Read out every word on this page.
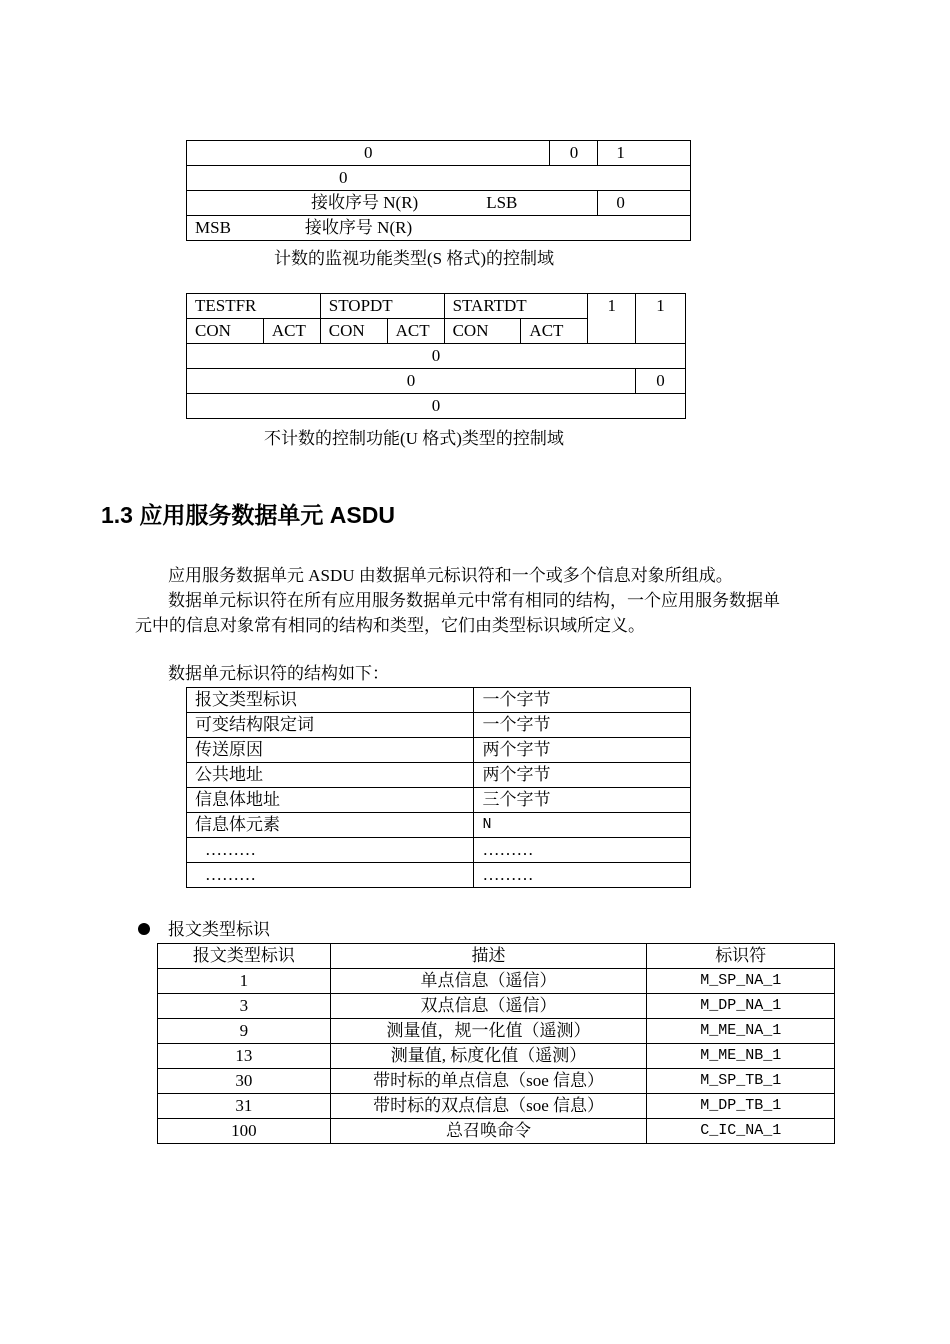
0	0	1
0		
接收序号 N(R) LSB		0
MSB 接收序号 N(R)		
计数的监视功能类型(S 格式)的控制域
TESTFR		STOPDT		STARTDT		1	1
CON	ACT	CON	ACT	CON	ACT		
0							
0							0
0							
不计数的控制功能(U 格式)类型的控制域
1.3 应用服务数据单元 ASDU
应用服务数据单元 ASDU 由数据单元标识符和一个或多个信息对象所组成。
数据单元标识符在所有应用服务数据单元中常有相同的结构，一个应用服务数据单
元中的信息对象常有相同的结构和类型，它们由类型标识域所定义。
数据单元标识符的结构如下：
报文类型标识	一个字节
可变结构限定词	一个字节
传送原因	两个字节
公共地址	两个字节
信息体地址	三个字节
信息体元素	N
………	………
………	………
报文类型标识
报文类型标识	描述	标识符
1	单点信息（遥信）	M_SP_NA_1
3	双点信息（遥信）	M_DP_NA_1
9	测量值，规一化值（遥测）	M_ME_NA_1
13	测量值, 标度化值（遥测）	M_ME_NB_1
30	带时标的单点信息（soe 信息）	M_SP_TB_1
31	带时标的双点信息（soe 信息）	M_DP_TB_1
100	总召唤命令	C_IC_NA_1
